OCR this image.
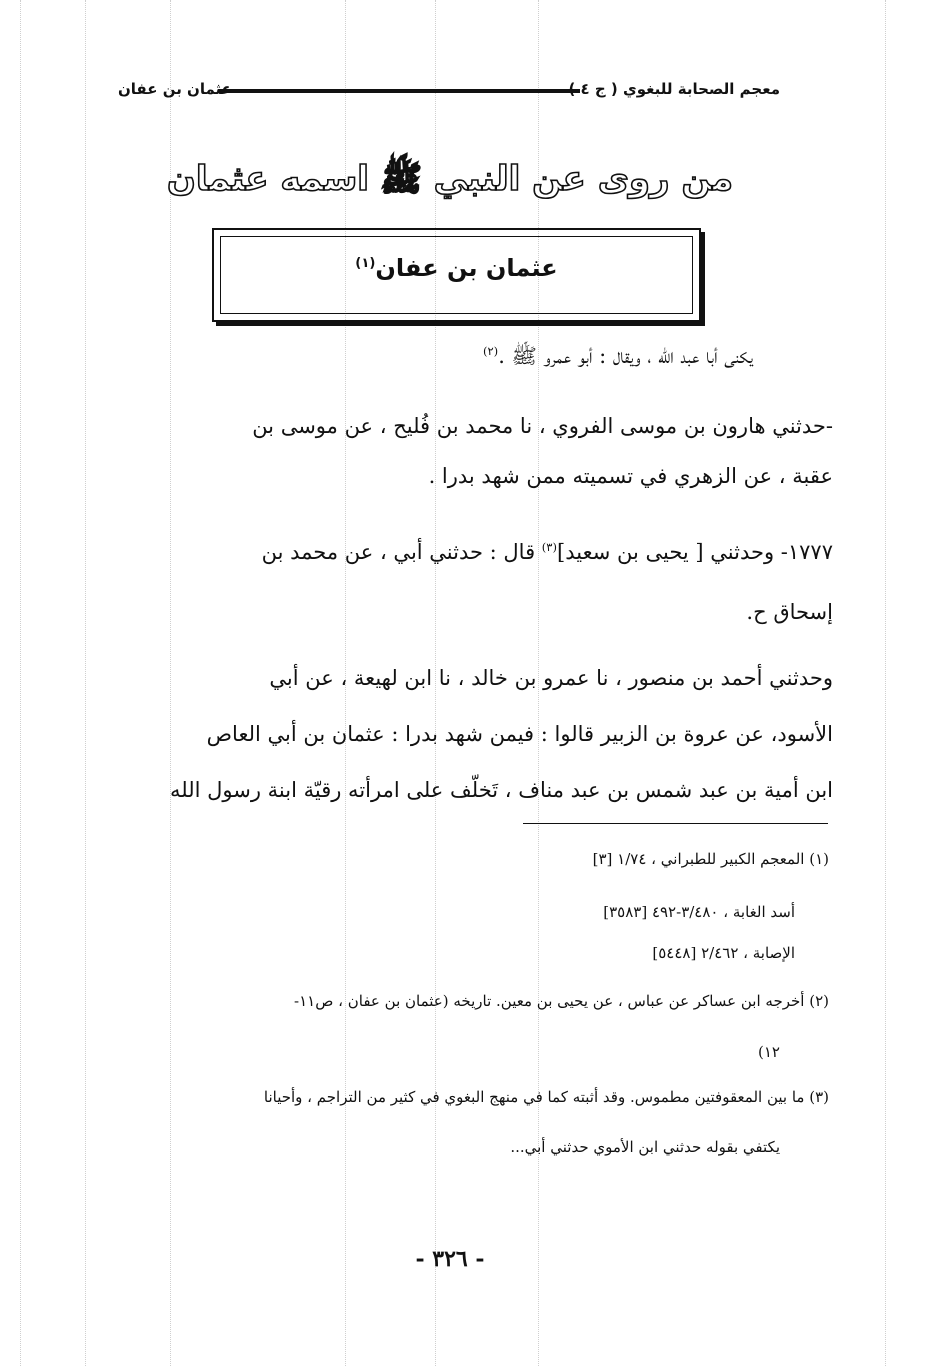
معجم الصحابة للبغوي ( ج ٤
عثمان بن عفان
من روى عن النبي ﷺ اسمه عثمان
عثمان بن عفان$^{(١)}$
يكنى أبا عبد الله ، ويقال : أبو عمرو ﷺ .$^{(٢)}$
-حدثني هارون بن موسى الفروي ، نا محمد بن فُليح ، عن موسى بن
عقبة ، عن الزهري في تسميته ممن شهد بدرا .
١٧٧٧- وحدثني [ يحيى بن سعيد]$^{(٣)}$ قال : حدثني أبي ، عن محمد بن
إسحاق ح.
وحدثني أحمد بن منصور ، نا عمرو بن خالد ، نا ابن لهيعة ، عن أبي
الأسود، عن عروة بن الزبير قالوا : فيمن شهد بدرا : عثمان بن أبي العاص
ابن أمية بن عبد شمس بن عبد مناف ، تَخلّف على امرأته رقيّة ابنة رسول الله
(١) المعجم الكبير للطبراني ، ١/٧٤ [٣]
أسد الغابة ، ٣/٤٨٠-٤٩٢ [٣٥٨٣]
الإصابة ، ٢/٤٦٢ [٥٤٤٨]
(٢) أخرجه ابن عساكر عن عباس ، عن يحيى بن معين. تاريخه (عثمان بن عفان ، ص١١-
١٢)
(٣) ما بين المعقوفتين مطموس. وقد أثبته كما في منهج البغوي في كثير من التراجم ، وأحيانا
يكتفي بقوله حدثني ابن الأموي حدثني أبي...
- ٣٢٦ -
